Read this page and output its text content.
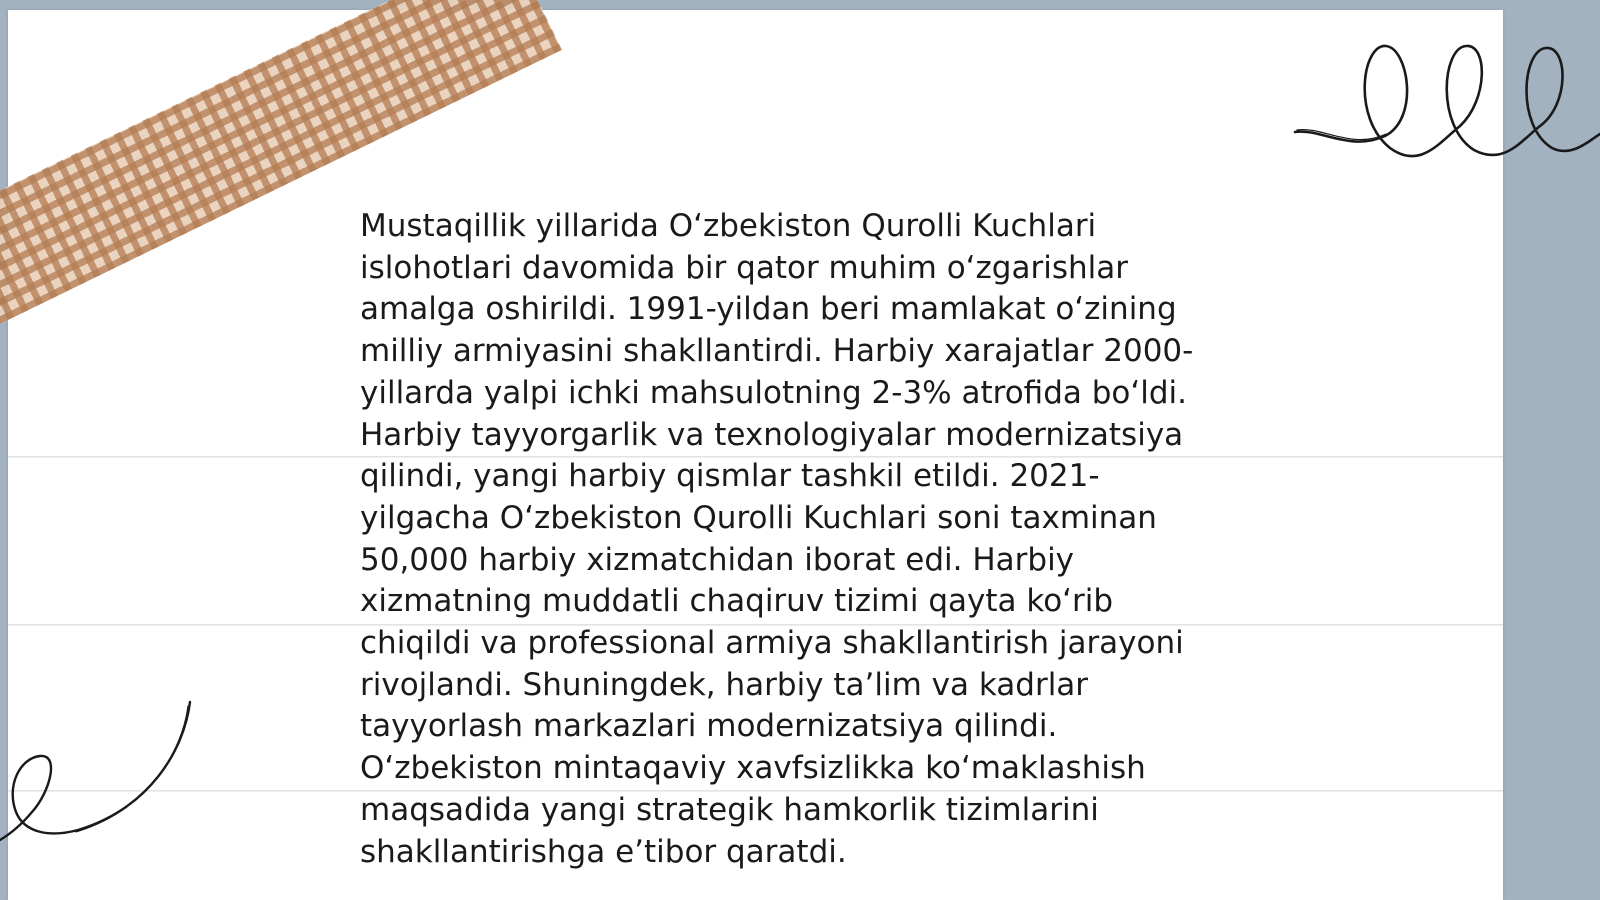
Mustaqillik yillarida O‘zbekiston Qurolli Kuchlari
islohotlari davomida bir qator muhim o‘zgarishlar
amalga oshirildi. 1991-yildan beri mamlakat o‘zining
milliy armiyasini shakllantirdi. Harbiy xarajatlar 2000-
yillarda yalpi ichki mahsulotning 2-3% atrofida bo‘ldi.
Harbiy tayyorgarlik va texnologiyalar modernizatsiya
qilindi, yangi harbiy qismlar tashkil etildi. 2021-
yilgacha O‘zbekiston Qurolli Kuchlari soni taxminan
50,000 harbiy xizmatchidan iborat edi. Harbiy
xizmatning muddatli chaqiruv tizimi qayta ko‘rib
chiqildi va professional armiya shakllantirish jarayoni
rivojlandi. Shuningdek, harbiy ta’lim va kadrlar
tayyorlash markazlari modernizatsiya qilindi.
O‘zbekiston mintaqaviy xavfsizlikka ko‘maklashish
maqsadida yangi strategik hamkorlik tizimlarini
shakllantirishga e’tibor qaratdi.
